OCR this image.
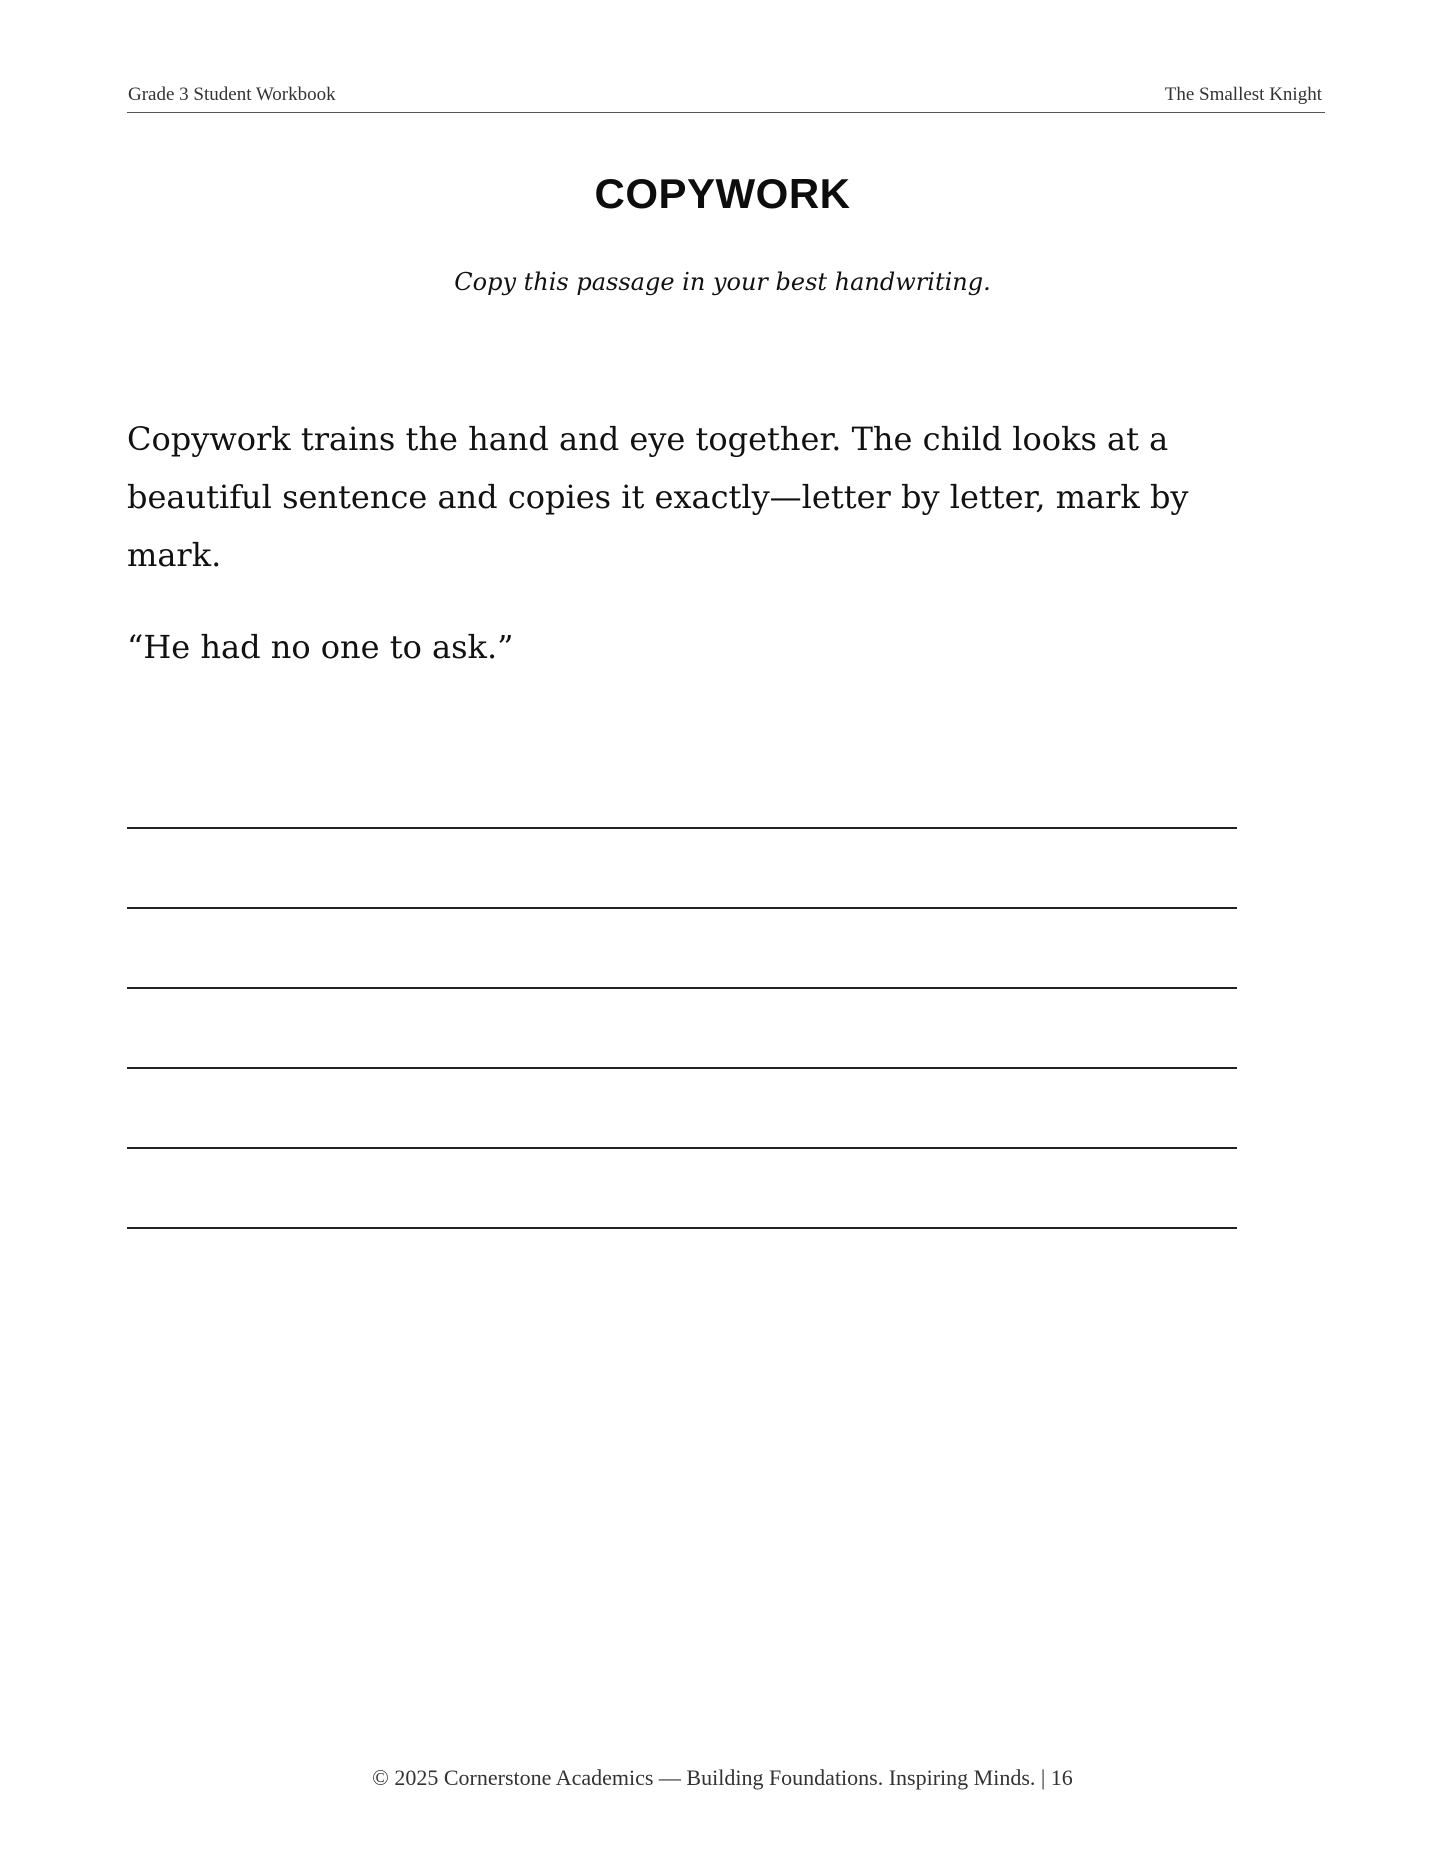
Grade 3 Student Workbook	The Smallest Knight
COPYWORK
Copy this passage in your best handwriting.

Copywork trains the hand and eye together. The child looks at a beautiful sentence and copies it exactly—letter by letter, mark by mark.

“He had no one to ask.”

© 2025 Cornerstone Academics — Building Foundations. Inspiring Minds. | 16
